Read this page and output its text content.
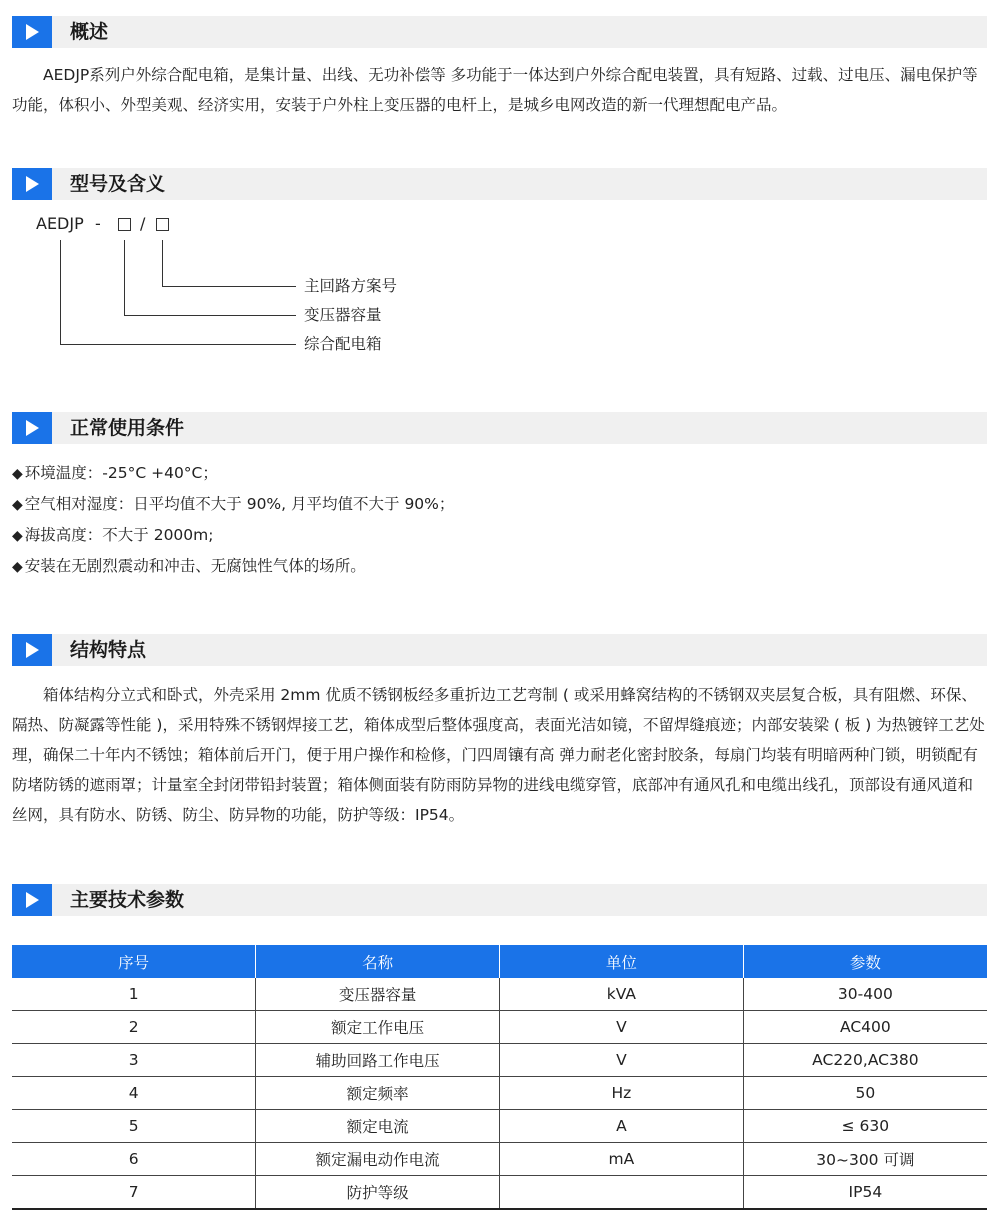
概述

AEDJP系列户外综合配电箱，是集计量、出线、无功补偿等 多功能于一体达到户外综合配电装置，具有短路、过载、过电压、漏电保护等功能，体积小、外型美观、经济实用，安装于户外柱上变压器的电杆上，是城乡电网改造的新一代理想配电产品。

型号及含义
AEDJP - /
主回路方案号
变压器容量
综合配电箱
正常使用条件
◆ 环境温度：-25°C +40°C；
◆ 空气相对湿度：日平均值不大于 90%, 月平均值不大于 90%；
◆ 海拔高度：不大于 2000m;
◆ 安装在无剧烈震动和冲击、无腐蚀性气体的场所。
结构特点

箱体结构分立式和卧式，外壳采用 2mm 优质不锈钢板经多重折边工艺弯制 ( 或采用蜂窝结构的不锈钢双夹层复合板，具有阻燃、环保、隔热、防凝露等性能 )，采用特殊不锈钢焊接工艺，箱体成型后整体强度高，表面光洁如镜，不留焊缝痕迹；内部安装梁 ( 板 ) 为热镀锌工艺处理，确保二十年内不锈蚀；箱体前后开门，便于用户操作和检修，门四周镶有高 弹力耐老化密封胶条，每扇门均装有明暗两种门锁，明锁配有防堵防锈的遮雨罩；计量室全封闭带铅封装置；箱体侧面装有防雨防异物的进线电缆穿管，底部冲有通风孔和电缆出线孔，顶部设有通风道和丝网，具有防水、防锈、防尘、防异物的功能，防护等级：IP54。

主要技术参数
序号	名称	单位	参数
1	变压器容量	kVA	30-400
2	额定工作电压	V	AC400
3	辅助回路工作电压	V	AC220,AC380
4	额定频率	Hz	50
5	额定电流	A	≤ 630
6	额定漏电动作电流	mA	30~300 可调
7	防护等级		IP54
